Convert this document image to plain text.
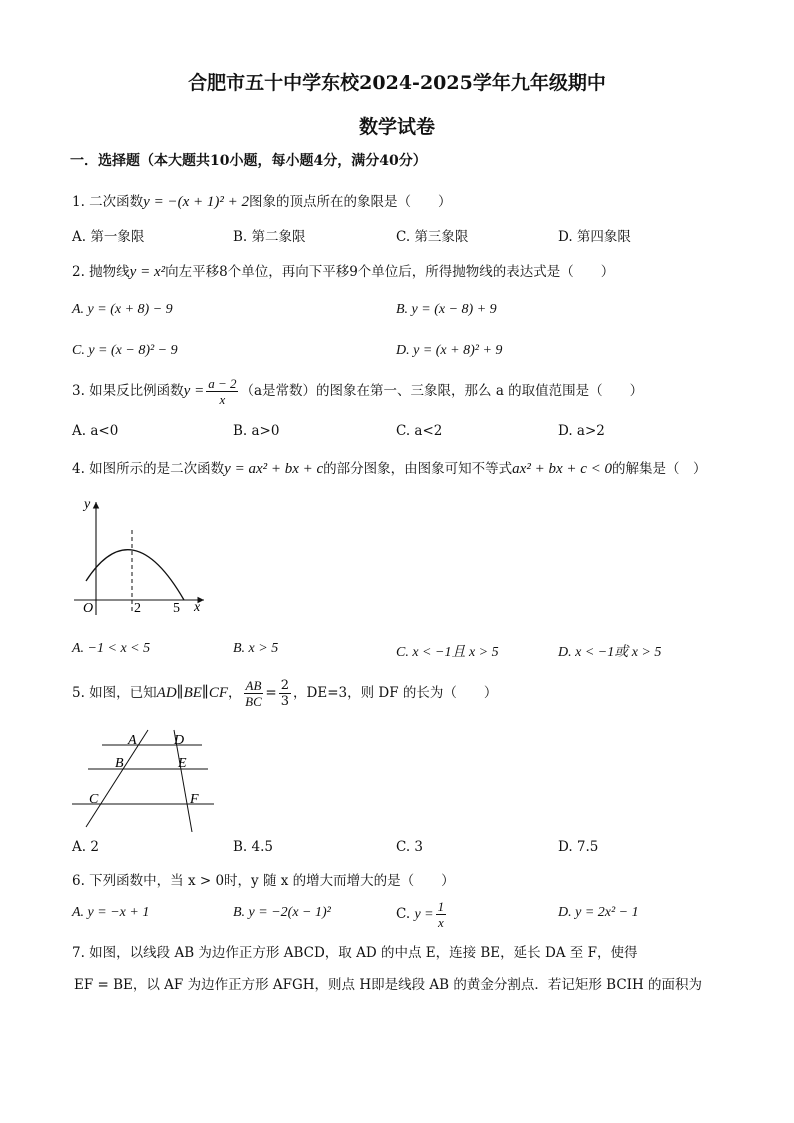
合肥市五十中学东校2024-2025学年九年级期中
数学试卷
一．选择题（本大题共10小题，每小题4分，满分40分）
1. 二次函数y = −(x + 1)² + 2图象的顶点所在的象限是（　　）
A. 第一象限	B. 第二象限	C. 第三象限	D. 第四象限
2. 抛物线y = x²向左平移8个单位，再向下平移9个单位后，所得抛物线的表达式是（　　）
A. y = (x + 8) − 9	B. y = (x − 8) + 9
C. y = (x − 8)² − 9	D. y = (x + 8)² + 9
3. 如果反比例函数$y = \frac{a - 2}{x} (a$是常数）的图象在第一、三象限，那么 a 的取值范围是（　　）
A. a<0	B. a>0	C. a<2	D. a>2
4. 如图所示的是二次函数y = ax² + bx + c的部分图象，由图象可知不等式ax² + bx + c < 0的解集是（　）
y
x
O	2 5
A. −1 < x < 5	B. x > 5	C. x < −1且 x > 5	D. x < −1或 x > 5
5. 如图，已知AD∥BE∥CF， $\frac{AB}{BC} = \frac{2}{3}$ ，DE=3，则 DF 的长为（　　）
A	D
B	E
C	F
A. 2	B. 4.5	C. 3	D. 7.5
6. 下列函数中，当 x > 0时，y 随 x 的增大而增大的是（　　）
A. y = −x + 1	B. y = −2(x − 1)²	C. $y = \frac{1}{x}$	D. y = 2x² − 1
7. 如图，以线段 AB 为边作正方形 ABCD，取 AD 的中点 E，连接 BE，延长 DA 至 F，使得
EF = BE，以 AF 为边作正方形 AFGH，则点 H即是线段 AB 的黄金分割点．若记矩形 BCIH 的面积为
